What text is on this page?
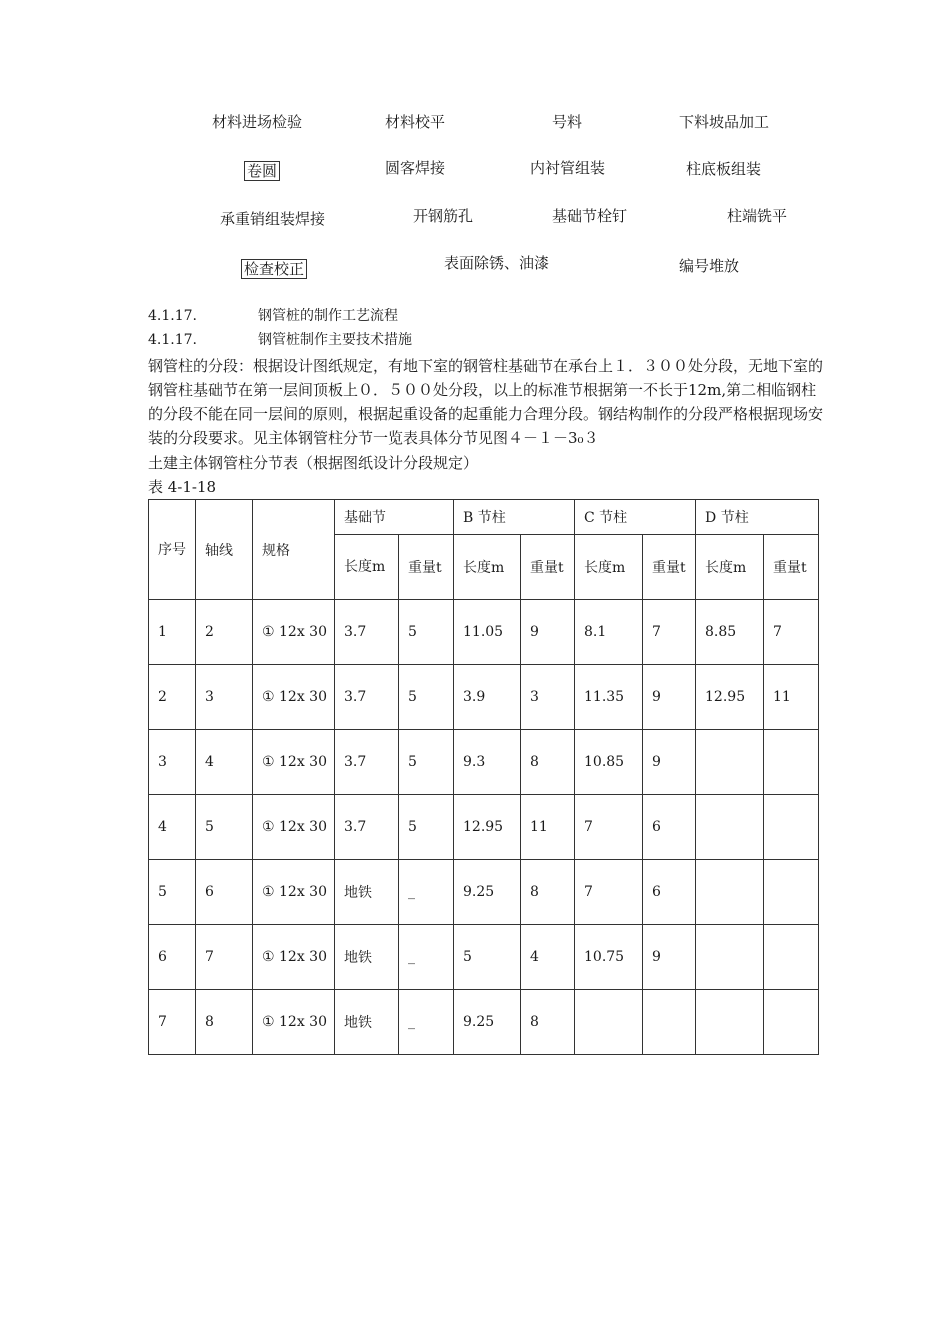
材料进场检验	材料校平	号料	下料坡品加工
卷圆	圆客焊接	内衬管组装	柱底板组装
承重销组装焊接	开钢筋孔	基础节栓钉	柱端铣平
检查校正	表面除锈、油漆	编号堆放
4.1.17.	钢管桩的制作工艺流程
4.1.17.	钢管桩制作主要技术措施
钢管柱的分段：根据设计图纸规定，有地下室的钢管柱基础节在承台上１．３００处分段，无地下室的钢管柱基础节在第一层间顶板上０．５００处分段，以上的标准节根据第一不长于12m,第二相临钢柱的分段不能在同一层间的原则，根据起重设备的起重能力合理分段。钢结构制作的分段严格根据现场安装的分段要求。见主体钢管柱分节一览表具体分节见图４－１－3₀３
土建主体钢管柱分节表（根据图纸设计分段规定）
表 4-1-18
序号	轴线	规格	基础节		B 节柱		C 节柱		D 节柱	
			长度m	重量t	长度m	重量t	长度m	重量t	长度m	重量t
1	2	① 12x 30	3.7	5	11.05	9	8.1	7	8.85	7
2	3	① 12x 30	3.7	5	3.9	3	11.35	9	12.95	11
3	4	① 12x 30	3.7	5	9.3	8	10.85	9		
4	5	① 12x 30	3.7	5	12.95	11	7	6		
5	6	① 12x 30	地铁	_	9.25	8	7	6		
6	7	① 12x 30	地铁	_	5	4	10.75	9		
7	8	① 12x 30	地铁	_	9.25	8				
